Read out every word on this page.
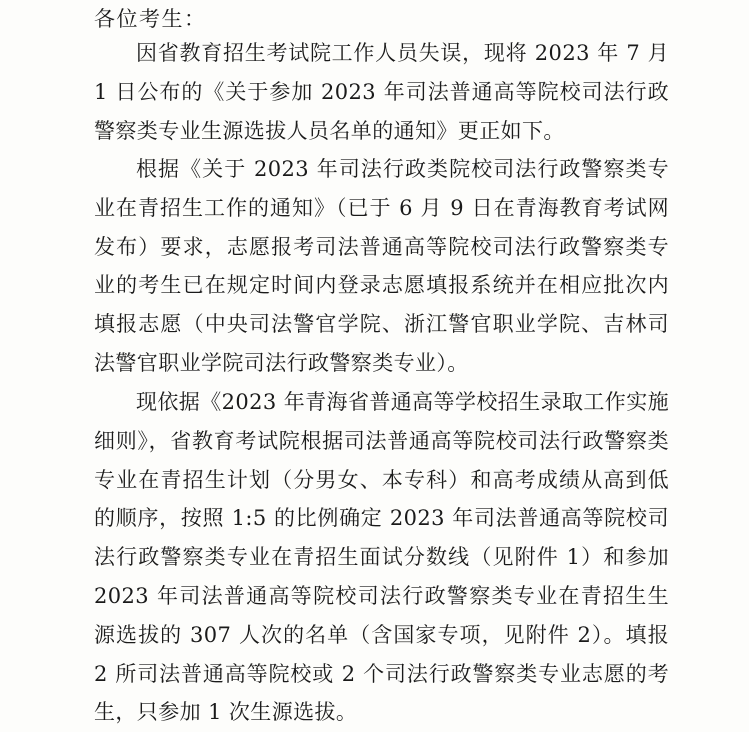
各位考生：

因省教育招生考试院工作人员失误，现将 2023 年 7 月 1 日公布的《关于参加 2023 年司法普通高等院校司法行政警察类专业生源选拔人员名单的通知》更正如下。

根据《关于 2023 年司法行政类院校司法行政警察类专业在青招生工作的通知》（已于 6 月 9 日在青海教育考试网发布）要求，志愿报考司法普通高等院校司法行政警察类专业的考生已在规定时间内登录志愿填报系统并在相应批次内填报志愿（中央司法警官学院、浙江警官职业学院、吉林司法警官职业学院司法行政警察类专业）。

现依据《2023 年青海省普通高等学校招生录取工作实施细则》，省教育考试院根据司法普通高等院校司法行政警察类专业在青招生计划（分男女、本专科）和高考成绩从高到低的顺序，按照 1:5 的比例确定 2023 年司法普通高等院校司法行政警察类专业在青招生面试分数线（见附件 1）和参加 2023 年司法普通高等院校司法行政警察类专业在青招生生源选拔的 307 人次的名单（含国家专项，见附件 2）。填报 2 所司法普通高等院校或 2 个司法行政警察类专业志愿的考生，只参加 1 次生源选拔。
